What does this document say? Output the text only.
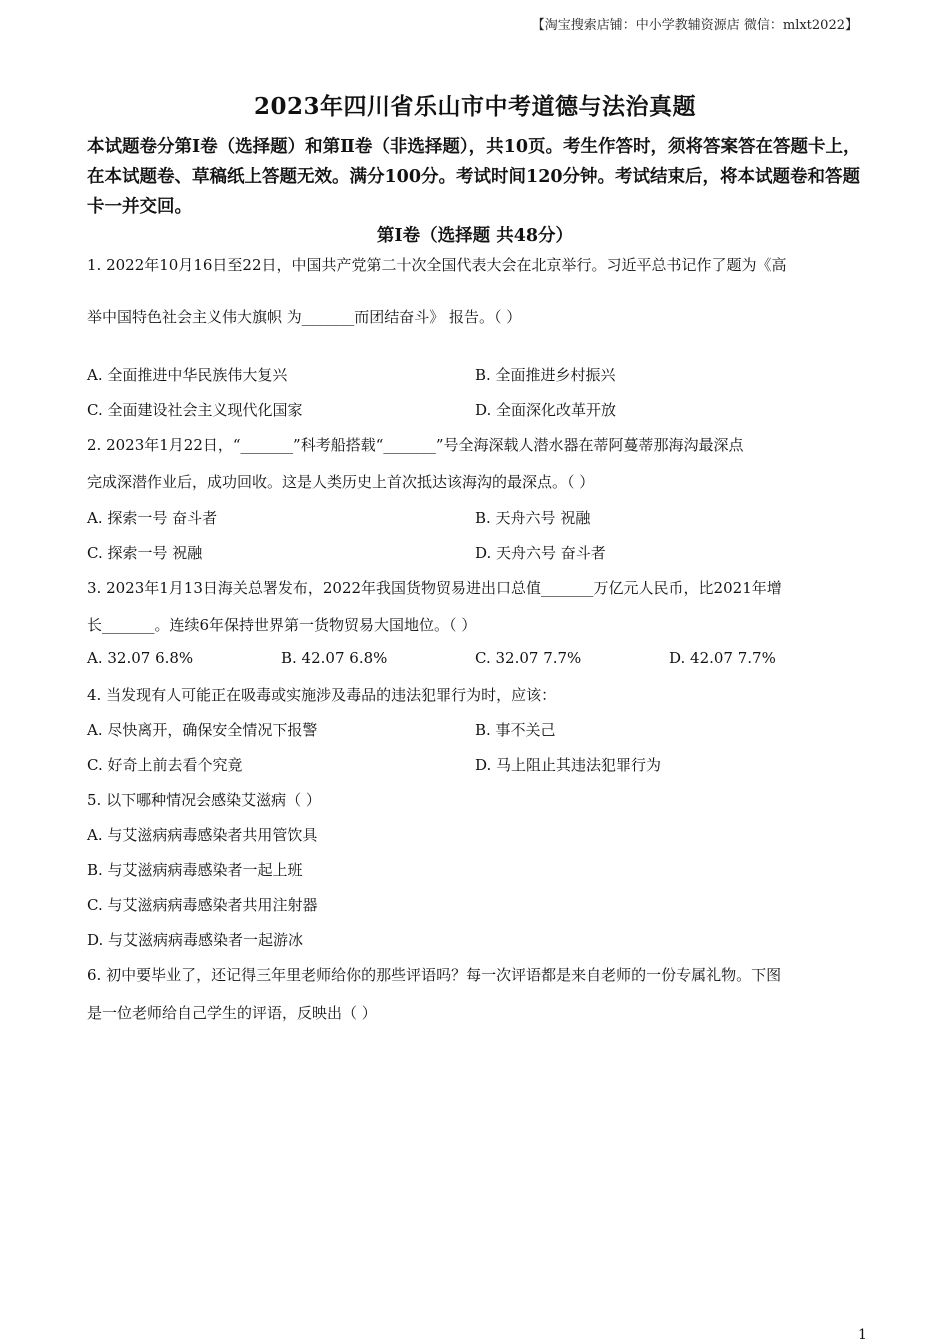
【淘宝搜索店铺：中小学教辅资源店 微信：mlxt2022】
2023年四川省乐山市中考道德与法治真题
本试题卷分第Ⅰ卷（选择题）和第Ⅱ卷（非选择题），共10页。考生作答时，须将答案答在答题卡上，在本试题卷、草稿纸上答题无效。满分100分。考试时间120分钟。考试结束后，将本试题卷和答题卡一并交回。
第Ⅰ卷（选择题 共48分）
1. 2022年10月16日至22日，中国共产党第二十次全国代表大会在北京举行。习近平总书记作了题为《高
举中国特色社会主义伟大旗帜 为_______而团结奋斗》 报告。（ ）
A. 全面推进中华民族伟大复兴	B. 全面推进乡村振兴
C. 全面建设社会主义现代化国家	D. 全面深化改革开放
2. 2023年1月22日，“_______”科考船搭载“_______”号全海深载人潜水器在蒂阿蔓蒂那海沟最深点
完成深潜作业后，成功回收。这是人类历史上首次抵达该海沟的最深点。（ ）
A. 探索一号 奋斗者	B. 天舟六号 祝融
C. 探索一号 祝融	D. 天舟六号 奋斗者
3. 2023年1月13日海关总署发布，2022年我国货物贸易进出口总值_______万亿元人民币，比2021年增
长_______。连续6年保持世界第一货物贸易大国地位。（ ）
A. 32.07 6.8%	B. 42.07 6.8%	C. 32.07 7.7%	D. 42.07 7.7%
4. 当发现有人可能正在吸毒或实施涉及毒品的违法犯罪行为时，应该：
A. 尽快离开，确保安全情况下报警	B. 事不关己
C. 好奇上前去看个究竟	D. 马上阻止其违法犯罪行为
5. 以下哪种情况会感染艾滋病（ ）
A. 与艾滋病病毒感染者共用管饮具
B. 与艾滋病病毒感染者一起上班
C. 与艾滋病病毒感染者共用注射器
D. 与艾滋病病毒感染者一起游冰
6. 初中要毕业了，还记得三年里老师给你的那些评语吗？每一次评语都是来自老师的一份专属礼物。下图
是一位老师给自己学生的评语，反映出（ ）
1
